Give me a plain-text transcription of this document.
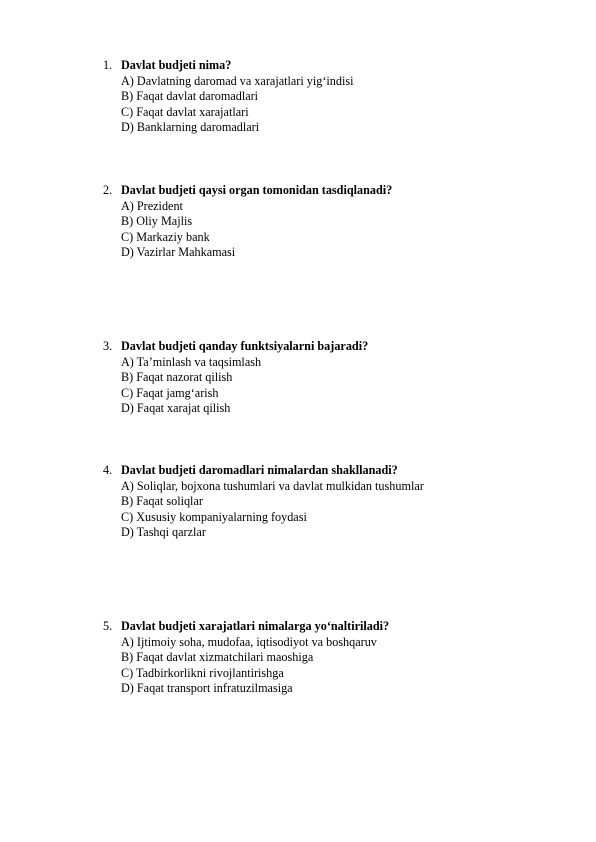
1. Davlat budjeti nima?
A) Davlatning daromad va xarajatlari yig‘indisi
B) Faqat davlat daromadlari
C) Faqat davlat xarajatlari
D) Banklarning daromadlari
2. Davlat budjeti qaysi organ tomonidan tasdiqlanadi?
A) Prezident
B) Oliy Majlis
C) Markaziy bank
D) Vazirlar Mahkamasi
3. Davlat budjeti qanday funktsiyalarni bajaradi?
A) Ta’minlash va taqsimlash
B) Faqat nazorat qilish
C) Faqat jamg‘arish
D) Faqat xarajat qilish
4. Davlat budjeti daromadlari nimalardan shakllanadi?
A) Soliqlar, bojxona tushumlari va davlat mulkidan tushumlar
B) Faqat soliqlar
C) Xususiy kompaniyalarning foydasi
D) Tashqi qarzlar
5. Davlat budjeti xarajatlari nimalarga yo‘naltiriladi?
A) Ijtimoiy soha, mudofaa, iqtisodiyot va boshqaruv
B) Faqat davlat xizmatchilari maoshiga
C) Tadbirkorlikni rivojlantirishga
D) Faqat transport infratuzilmasiga
